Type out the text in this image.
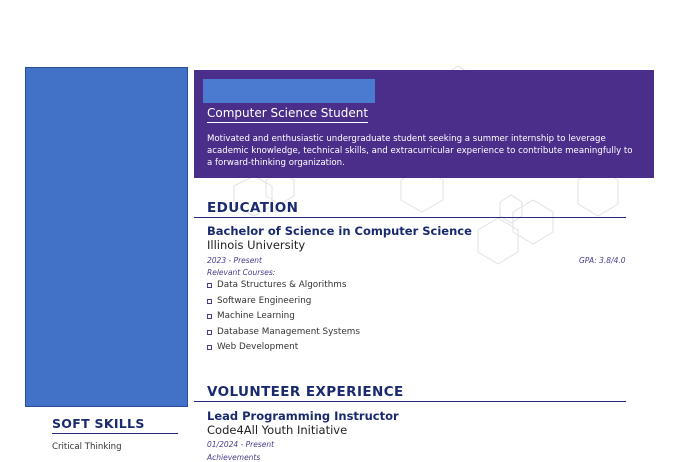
Computer Science Student
Motivated and enthusiastic undergraduate student seeking a summer internship to leverage academic knowledge, technical skills, and extracurricular experience to contribute meaningfully to a forward-thinking organization.
EDUCATION
Bachelor of Science in Computer Science
Illinois University
2023 - Present	GPA: 3.8/4.0
Relevant Courses:
Data Structures & Algorithms
Software Engineering
Machine Learning
Database Management Systems
Web Development
VOLUNTEER EXPERIENCE
Lead Programming Instructor
Code4All Youth Initiative
01/2024 - Present
Achievements
SOFT SKILLS
Critical Thinking
